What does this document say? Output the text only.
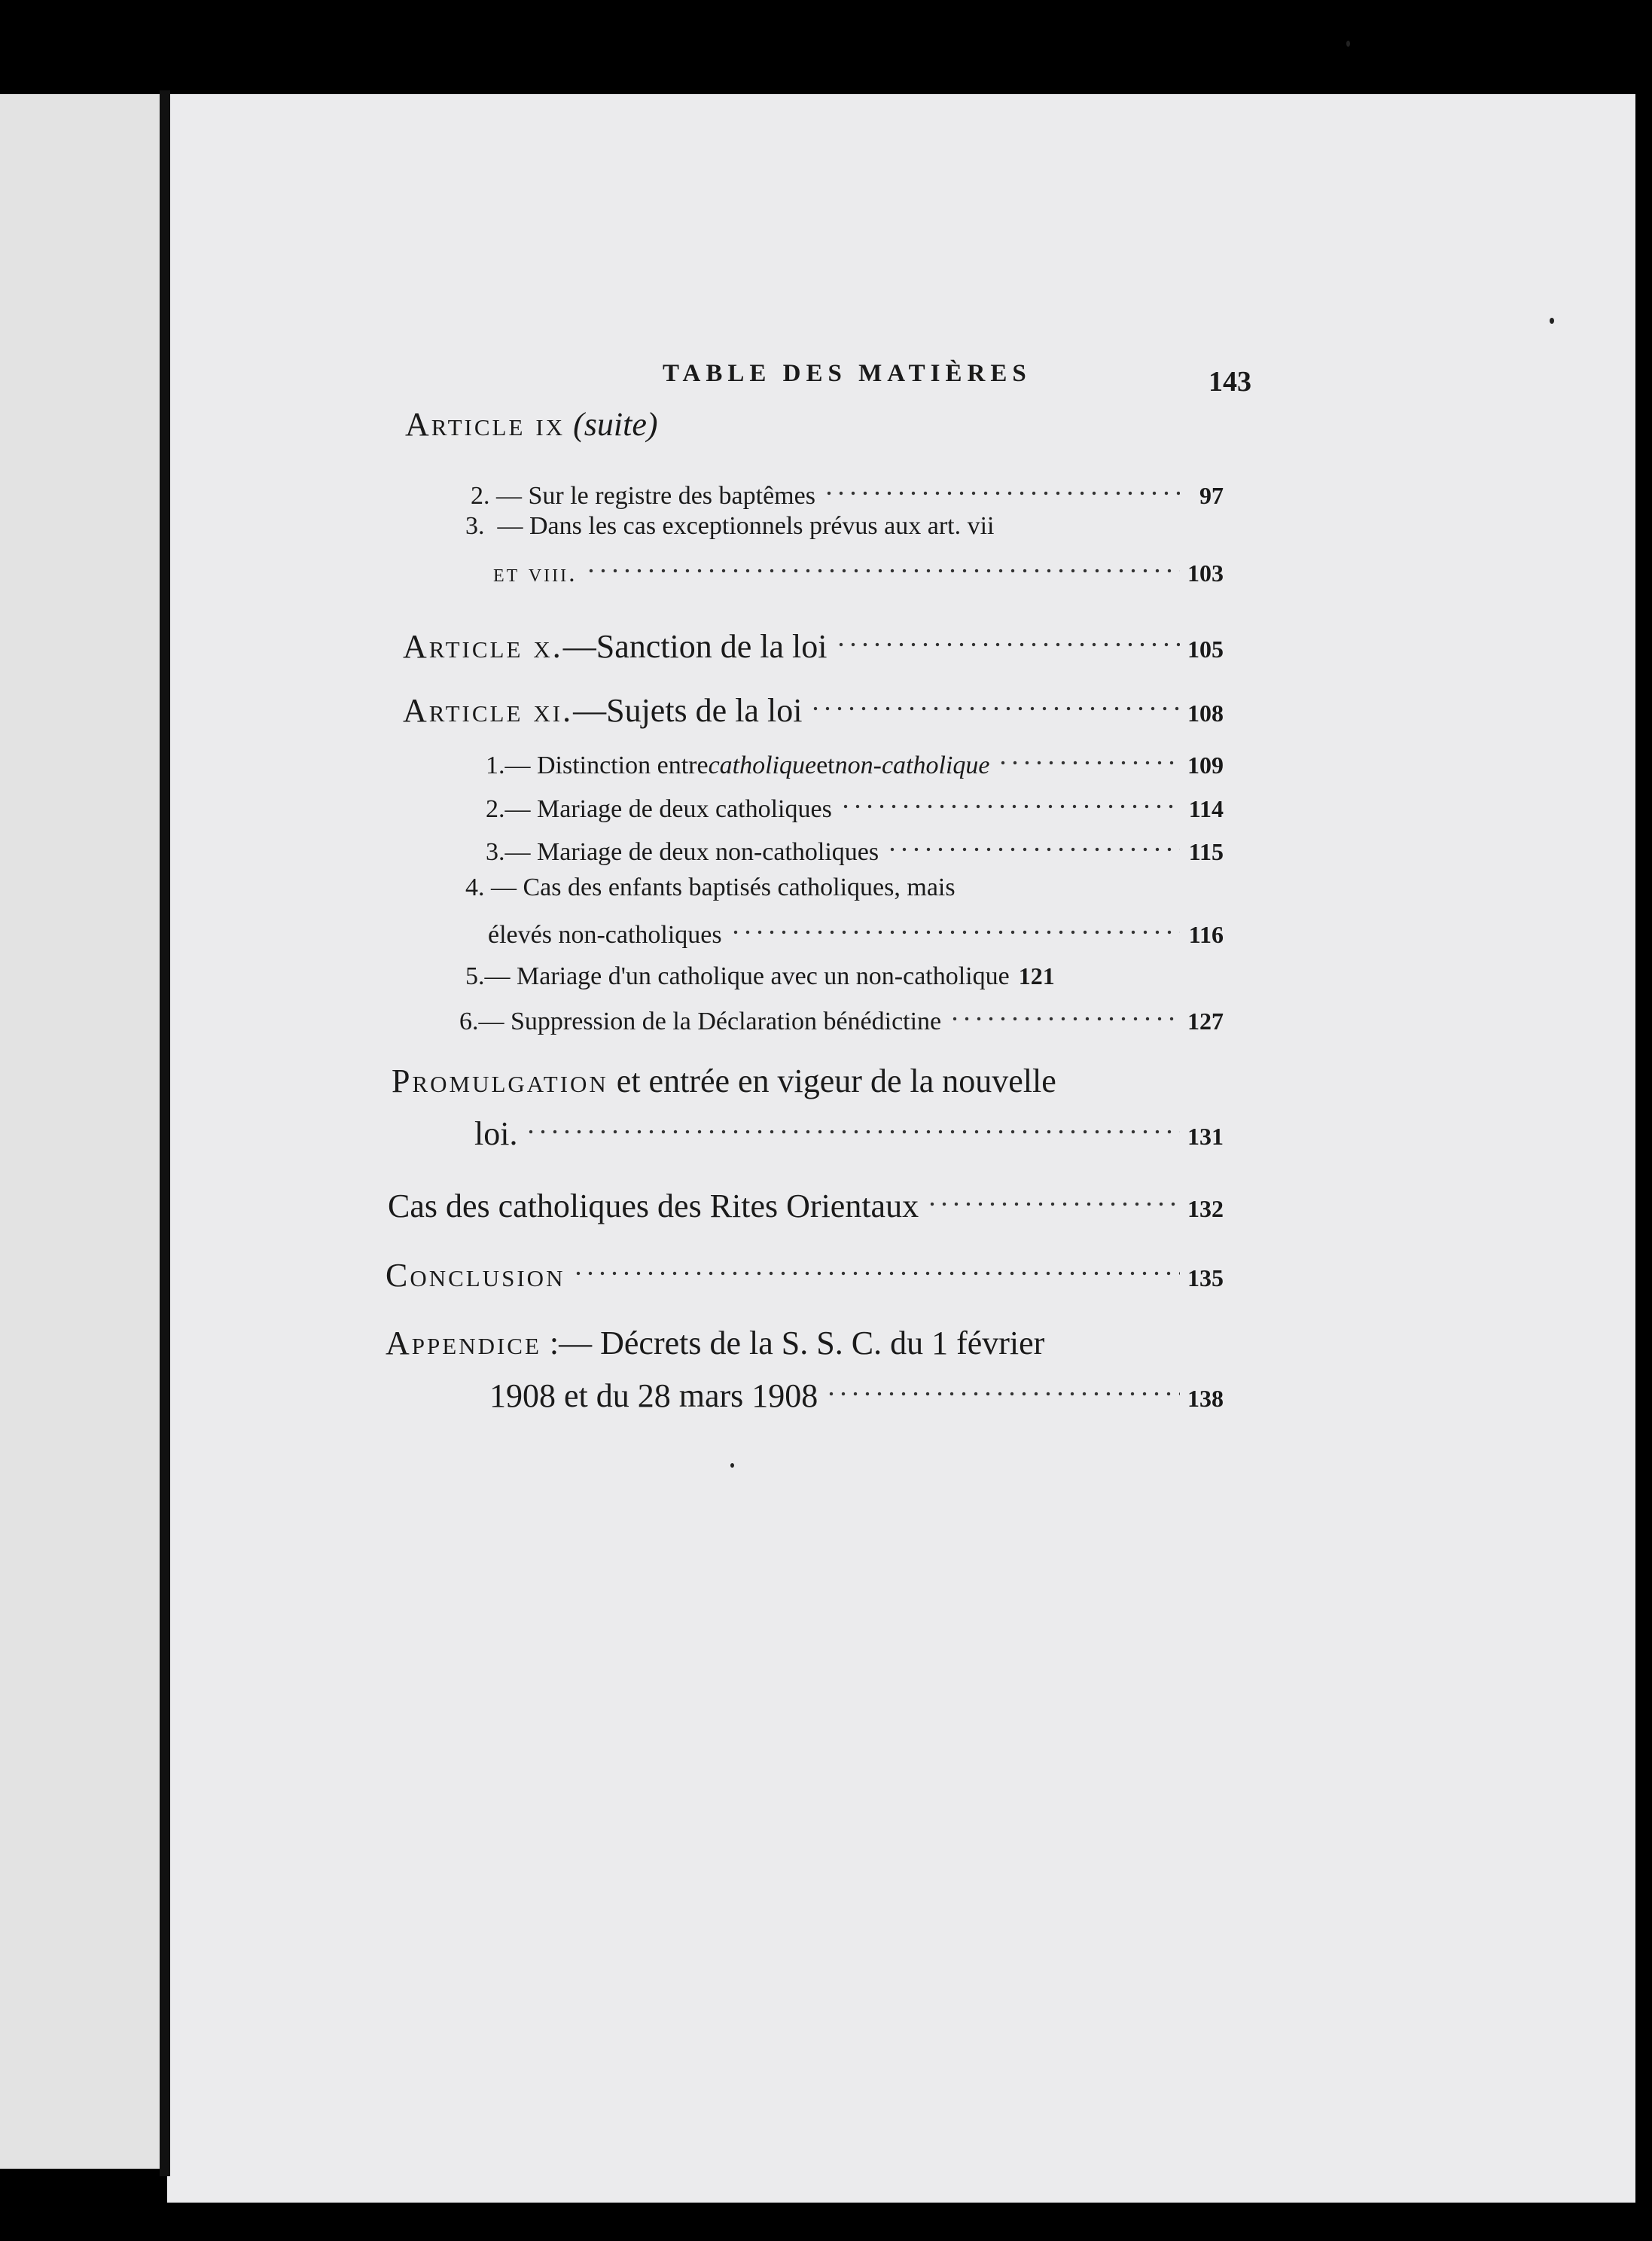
TABLE DES MATIÈRES	143
Article ix (suite)
2.
— Sur le registre des baptêmes	97
3. — Dans les cas exceptionnels prévus aux art. vii
et viii.	103
Article x. —Sanction de la loi	105
Article xi. —Sujets de la loi	108
1. — Distinction entre catholique et non-catholique	109
2. — Mariage de deux catholiques	114
3. — Mariage de deux non-catholiques	115
4. — Cas des enfants baptisés catholiques, mais
élevés non-catholiques	116
5. — Mariage d'un catholique avec un non-catholique 121
6. — Suppression de la Déclaration bénédictine	127
Promulgation et entrée en vigeur de la nouvelle
loi.	131
Cas des catholiques des Rites Orientaux	132
Conclusion	135
Appendice :— Décrets de la S. S. C. du 1 février
1908 et du 28 mars 1908	138
